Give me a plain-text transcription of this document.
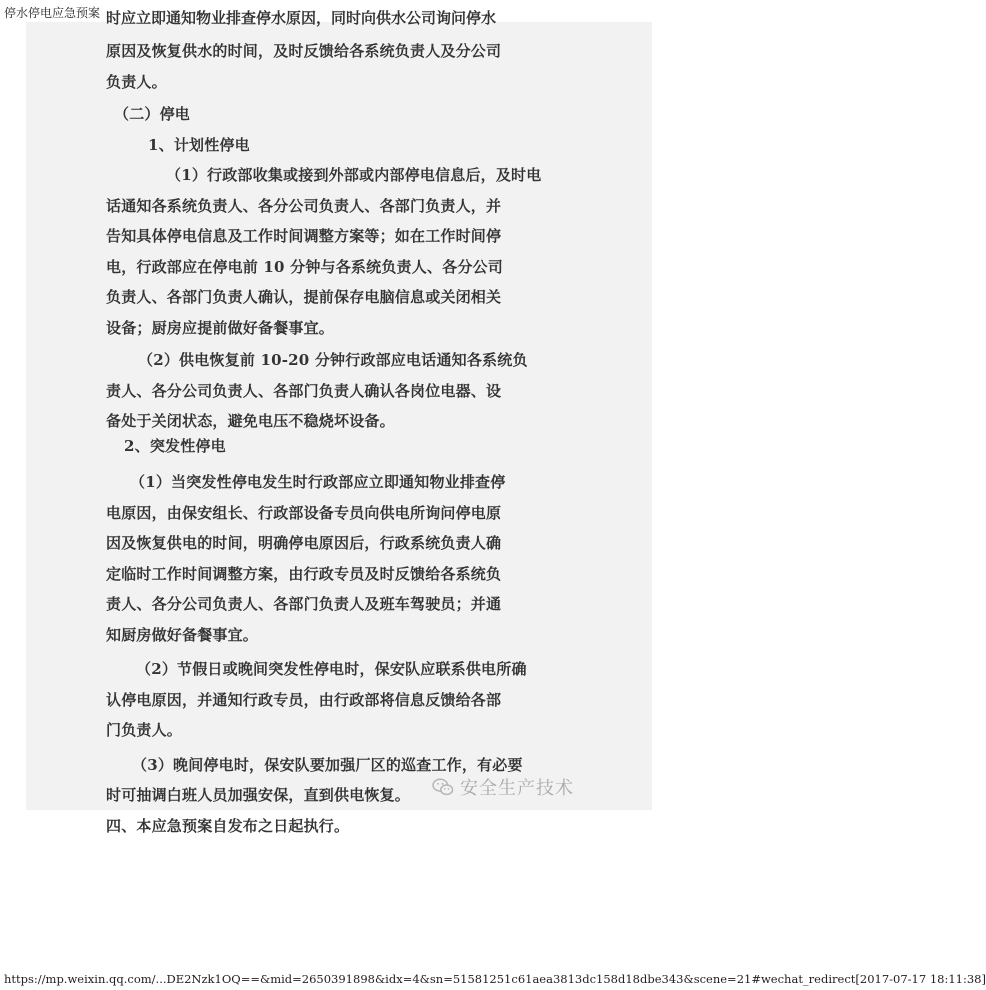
停水停电应急预案 时应立即通知物业排查停水原因，同时向供水公司询问停水
原因及恢复供水的时间，及时反馈给各系统负责人及分公司
负责人。
（二）停电
1、计划性停电
（1）行政部收集或接到外部或内部停电信息后，及时电
话通知各系统负责人、各分公司负责人、各部门负责人，并
告知具体停电信息及工作时间调整方案等；如在工作时间停
电，行政部应在停电前 10 分钟与各系统负责人、各分公司
负责人、各部门负责人确认，提前保存电脑信息或关闭相关
设备；厨房应提前做好备餐事宜。
（2）供电恢复前 10-20 分钟行政部应电话通知各系统负
责人、各分公司负责人、各部门负责人确认各岗位电器、设
备处于关闭状态，避免电压不稳烧坏设备。
2、突发性停电
（1）当突发性停电发生时行政部应立即通知物业排查停
电原因，由保安组长、行政部设备专员向供电所询问停电原
因及恢复供电的时间，明确停电原因后，行政系统负责人确
定临时工作时间调整方案，由行政专员及时反馈给各系统负
责人、各分公司负责人、各部门负责人及班车驾驶员；并通
知厨房做好备餐事宜。
（2）节假日或晚间突发性停电时，保安队应联系供电所确
认停电原因，并通知行政专员，由行政部将信息反馈给各部
门负责人。
（3）晚间停电时，保安队要加强厂区的巡查工作，有必要
时可抽调白班人员加强安保，直到供电恢复。
四、本应急预案自发布之日起执行。
安全生产技术
https://mp.weixin.qq.com/...DE2Nzk1OQ==&mid=2650391898&idx=4&sn=51581251c61aea3813dc158d18dbe343&scene=21#wechat_redirect[2017-07-17 18:11:38]
